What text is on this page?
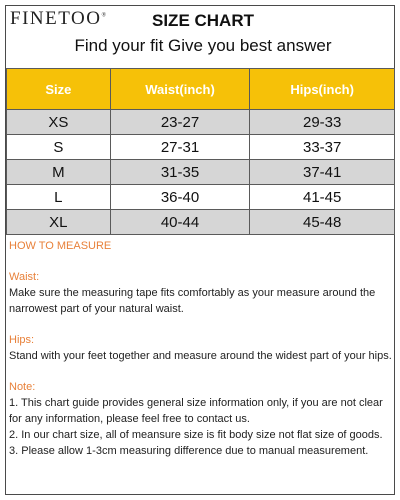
FINETOO®	SIZE CHART
Find your fit Give you best answer
Size	Waist(inch)	Hips(inch)
XS	23-27	29-33
S	27-31	33-37
M	31-35	37-41
L	36-40	41-45
XL	40-44	45-48

HOW TO MEASURE

Waist:

Make sure the measuring tape fits comfortably as your measure around the narrowest part of your natural waist.

Hips:

Stand with your feet together and measure around the widest part of your hips.

Note:

1. This chart guide provides general size information only, if you are not clear for any information, please feel free to contact us.

2. In our chart size, all of meansure size is fit body size not flat size of goods.

3. Please allow 1-3cm measuring difference due to manual measurement.
